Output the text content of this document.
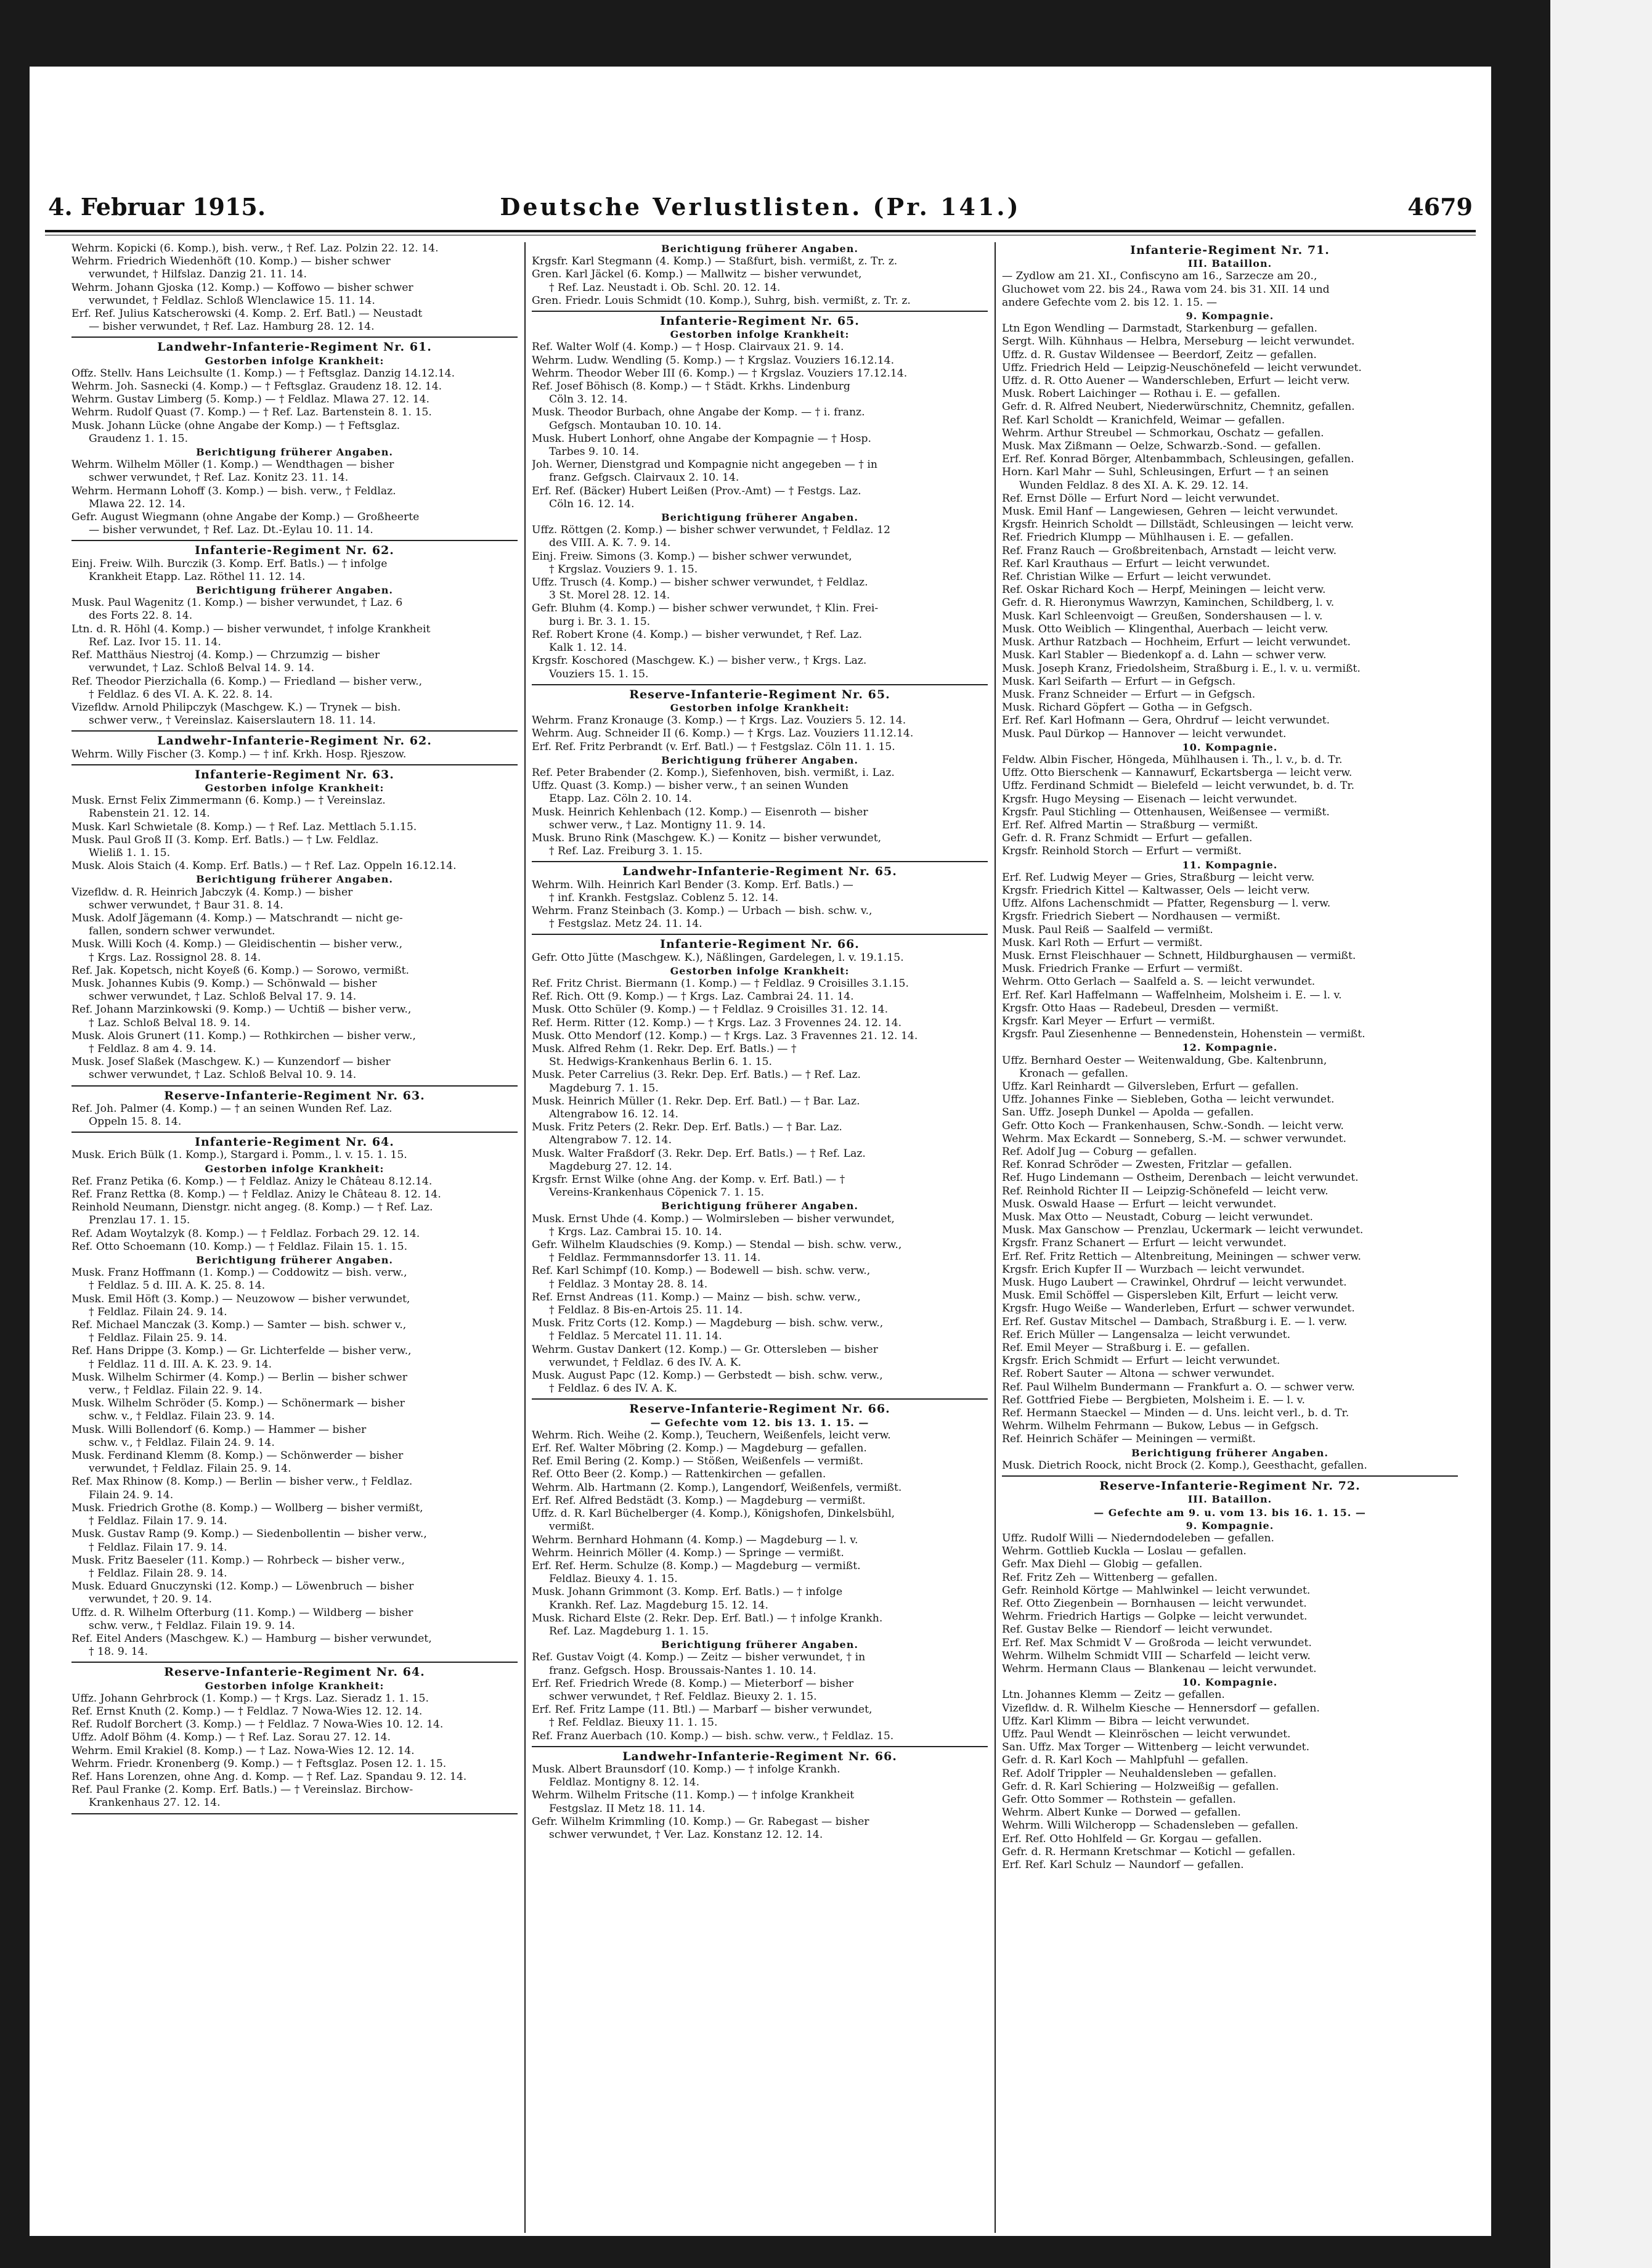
4. Februar 1915.	Deutsche Verlustlisten. (Pr. 141.)	4679
Wehrm. Kopicki (6. Komp.), bish. verw., † Ref. Laz. Polzin 22. 12. 14.
Wehrm. Friedrich Wiedenhöft (10. Komp.) — bisher schwer
verwundet, † Hilfslaz. Danzig 21. 11. 14.
Wehrm. Johann Gjoska (12. Komp.) — Koffowo — bisher schwer
verwundet, † Feldlaz. Schloß Wlenclawice 15. 11. 14.
Erf. Ref. Julius Katscherowski (4. Komp. 2. Erf. Batl.) — Neustadt
— bisher verwundet, † Ref. Laz. Hamburg 28. 12. 14.
Landwehr-Infanterie-Regiment Nr. 61.
Gestorben infolge Krankheit:
Offz. Stellv. Hans Leichsulte (1. Komp.) — † Feftsglaz. Danzig 14.12.14.
Wehrm. Joh. Sasnecki (4. Komp.) — † Feftsglaz. Graudenz 18. 12. 14.
Wehrm. Gustav Limberg (5. Komp.) — † Feldlaz. Mlawa 27. 12. 14.
Wehrm. Rudolf Quast (7. Komp.) — † Ref. Laz. Bartenstein 8. 1. 15.
Musk. Johann Lücke (ohne Angabe der Komp.) — † Feftsglaz.
Graudenz 1. 1. 15.
Berichtigung früherer Angaben.
Wehrm. Wilhelm Möller (1. Komp.) — Wendthagen — bisher
schwer verwundet, † Ref. Laz. Konitz 23. 11. 14.
Wehrm. Hermann Lohoff (3. Komp.) — bish. verw., † Feldlaz.
Mlawa 22. 12. 14.
Gefr. August Wiegmann (ohne Angabe der Komp.) — Großheerte
— bisher verwundet, † Ref. Laz. Dt.-Eylau 10. 11. 14.
Infanterie-Regiment Nr. 62.
Einj. Freiw. Wilh. Burczik (3. Komp. Erf. Batls.) — † infolge
Krankheit Etapp. Laz. Röthel 11. 12. 14.
Berichtigung früherer Angaben.
Musk. Paul Wagenitz (1. Komp.) — bisher verwundet, † Laz. 6
des Forts 22. 8. 14.
Ltn. d. R. Höhl (4. Komp.) — bisher verwundet, † infolge Krankheit
Ref. Laz. Ivor 15. 11. 14.
Ref. Matthäus Niestroj (4. Komp.) — Chrzumzig — bisher
verwundet, † Laz. Schloß Belval 14. 9. 14.
Ref. Theodor Pierzichalla (6. Komp.) — Friedland — bisher verw.,
† Feldlaz. 6 des VI. A. K. 22. 8. 14.
Vizefldw. Arnold Philipczyk (Maschgew. K.) — Trynek — bish.
schwer verw., † Vereinslaz. Kaiserslautern 18. 11. 14.
Landwehr-Infanterie-Regiment Nr. 62.
Wehrm. Willy Fischer (3. Komp.) — † inf. Krkh. Hosp. Rjeszow.
Infanterie-Regiment Nr. 63.
Gestorben infolge Krankheit:
Musk. Ernst Felix Zimmermann (6. Komp.) — † Vereinslaz.
Rabenstein 21. 12. 14.
Musk. Karl Schwietale (8. Komp.) — † Ref. Laz. Mettlach 5.1.15.
Musk. Paul Groß II (3. Komp. Erf. Batls.) — † Lw. Feldlaz.
Wieliß 1. 1. 15.
Musk. Alois Staich (4. Komp. Erf. Batls.) — † Ref. Laz. Oppeln 16.12.14.
Berichtigung früherer Angaben.
Vizefldw. d. R. Heinrich Jabczyk (4. Komp.) — bisher
schwer verwundet, † Baur 31. 8. 14.
Musk. Adolf Jägemann (4. Komp.) — Matschrandt — nicht ge-
fallen, sondern schwer verwundet.
Musk. Willi Koch (4. Komp.) — Gleidischentin — bisher verw.,
† Krgs. Laz. Rossignol 28. 8. 14.
Ref. Jak. Kopetsch, nicht Koyeß (6. Komp.) — Sorowo, vermißt.
Musk. Johannes Kubis (9. Komp.) — Schönwald — bisher
schwer verwundet, † Laz. Schloß Belval 17. 9. 14.
Ref. Johann Marzinkowski (9. Komp.) — Uchtiß — bisher verw.,
† Laz. Schloß Belval 18. 9. 14.
Musk. Alois Grunert (11. Komp.) — Rothkirchen — bisher verw.,
† Feldlaz. 8 am 4. 9. 14.
Musk. Josef Slaßek (Maschgew. K.) — Kunzendorf — bisher
schwer verwundet, † Laz. Schloß Belval 10. 9. 14.
Reserve-Infanterie-Regiment Nr. 63.
Ref. Joh. Palmer (4. Komp.) — † an seinen Wunden Ref. Laz.
Oppeln 15. 8. 14.
Infanterie-Regiment Nr. 64.
Musk. Erich Bülk (1. Komp.), Stargard i. Pomm., l. v. 15. 1. 15.
Gestorben infolge Krankheit:
Ref. Franz Petika (6. Komp.) — † Feldlaz. Anizy le Château 8.12.14.
Ref. Franz Rettka (8. Komp.) — † Feldlaz. Anizy le Château 8. 12. 14.
Reinhold Neumann, Dienstgr. nicht angeg. (8. Komp.) — † Ref. Laz.
Prenzlau 17. 1. 15.
Ref. Adam Woytalzyk (8. Komp.) — † Feldlaz. Forbach 29. 12. 14.
Ref. Otto Schoemann (10. Komp.) — † Feldlaz. Filain 15. 1. 15.
Berichtigung früherer Angaben.
Musk. Franz Hoffmann (1. Komp.) — Coddowitz — bish. verw.,
† Feldlaz. 5 d. III. A. K. 25. 8. 14.
Musk. Emil Höft (3. Komp.) — Neuzowow — bisher verwundet,
† Feldlaz. Filain 24. 9. 14.
Ref. Michael Manczak (3. Komp.) — Samter — bish. schwer v.,
† Feldlaz. Filain 25. 9. 14.
Ref. Hans Drippe (3. Komp.) — Gr. Lichterfelde — bisher verw.,
† Feldlaz. 11 d. III. A. K. 23. 9. 14.
Musk. Wilhelm Schirmer (4. Komp.) — Berlin — bisher schwer
verw., † Feldlaz. Filain 22. 9. 14.
Musk. Wilhelm Schröder (5. Komp.) — Schönermark — bisher
schw. v., † Feldlaz. Filain 23. 9. 14.
Musk. Willi Bollendorf (6. Komp.) — Hammer — bisher
schw. v., † Feldlaz. Filain 24. 9. 14.
Musk. Ferdinand Klemm (8. Komp.) — Schönwerder — bisher
verwundet, † Feldlaz. Filain 25. 9. 14.
Ref. Max Rhinow (8. Komp.) — Berlin — bisher verw., † Feldlaz.
Filain 24. 9. 14.
Musk. Friedrich Grothe (8. Komp.) — Wollberg — bisher vermißt,
† Feldlaz. Filain 17. 9. 14.
Musk. Gustav Ramp (9. Komp.) — Siedenbollentin — bisher verw.,
† Feldlaz. Filain 17. 9. 14.
Musk. Fritz Baeseler (11. Komp.) — Rohrbeck — bisher verw.,
† Feldlaz. Filain 28. 9. 14.
Musk. Eduard Gnuczynski (12. Komp.) — Löwenbruch — bisher
verwundet, † 20. 9. 14.
Uffz. d. R. Wilhelm Ofterburg (11. Komp.) — Wildberg — bisher
schw. verw., † Feldlaz. Filain 19. 9. 14.
Ref. Eitel Anders (Maschgew. K.) — Hamburg — bisher verwundet,
† 18. 9. 14.
Reserve-Infanterie-Regiment Nr. 64.
Gestorben infolge Krankheit:
Uffz. Johann Gehrbrock (1. Komp.) — † Krgs. Laz. Sieradz 1. 1. 15.
Ref. Ernst Knuth (2. Komp.) — † Feldlaz. 7 Nowa-Wies 12. 12. 14.
Ref. Rudolf Borchert (3. Komp.) — † Feldlaz. 7 Nowa-Wies 10. 12. 14.
Uffz. Adolf Böhm (4. Komp.) — † Ref. Laz. Sorau 27. 12. 14.
Wehrm. Emil Krakiel (8. Komp.) — † Laz. Nowa-Wies 12. 12. 14.
Wehrm. Friedr. Kronenberg (9. Komp.) — † Feftsglaz. Posen 12. 1. 15.
Ref. Hans Lorenzen, ohne Ang. d. Komp. — † Ref. Laz. Spandau 9. 12. 14.
Ref. Paul Franke (2. Komp. Erf. Batls.) — † Vereinslaz. Birchow-
Krankenhaus 27. 12. 14.
Berichtigung früherer Angaben.
Krgsfr. Karl Stegmann (4. Komp.) — Staßfurt, bish. vermißt, z. Tr. z.
Gren. Karl Jäckel (6. Komp.) — Mallwitz — bisher verwundet,
† Ref. Laz. Neustadt i. Ob. Schl. 20. 12. 14.
Gren. Friedr. Louis Schmidt (10. Komp.), Suhrg, bish. vermißt, z. Tr. z.
Infanterie-Regiment Nr. 65.
Gestorben infolge Krankheit:
Ref. Walter Wolf (4. Komp.) — † Hosp. Clairvaux 21. 9. 14.
Wehrm. Ludw. Wendling (5. Komp.) — † Krgslaz. Vouziers 16.12.14.
Wehrm. Theodor Weber III (6. Komp.) — † Krgslaz. Vouziers 17.12.14.
Ref. Josef Böhisch (8. Komp.) — † Städt. Krkhs. Lindenburg
Cöln 3. 12. 14.
Musk. Theodor Burbach, ohne Angabe der Komp. — † i. franz.
Gefgsch. Montauban 10. 10. 14.
Musk. Hubert Lonhorf, ohne Angabe der Kompagnie — † Hosp.
Tarbes 9. 10. 14.
Joh. Werner, Dienstgrad und Kompagnie nicht angegeben — † in
franz. Gefgsch. Clairvaux 2. 10. 14.
Erf. Ref. (Bäcker) Hubert Leißen (Prov.-Amt) — † Festgs. Laz.
Cöln 16. 12. 14.
Berichtigung früherer Angaben.
Uffz. Röttgen (2. Komp.) — bisher schwer verwundet, † Feldlaz. 12
des VIII. A. K. 7. 9. 14.
Einj. Freiw. Simons (3. Komp.) — bisher schwer verwundet,
† Krgslaz. Vouziers 9. 1. 15.
Uffz. Trusch (4. Komp.) — bisher schwer verwundet, † Feldlaz.
3 St. Morel 28. 12. 14.
Gefr. Bluhm (4. Komp.) — bisher schwer verwundet, † Klin. Frei-
burg i. Br. 3. 1. 15.
Ref. Robert Krone (4. Komp.) — bisher verwundet, † Ref. Laz.
Kalk 1. 12. 14.
Krgsfr. Koschored (Maschgew. K.) — bisher verw., † Krgs. Laz.
Vouziers 15. 1. 15.
Reserve-Infanterie-Regiment Nr. 65.
Gestorben infolge Krankheit:
Wehrm. Franz Kronauge (3. Komp.) — † Krgs. Laz. Vouziers 5. 12. 14.
Wehrm. Aug. Schneider II (6. Komp.) — † Krgs. Laz. Vouziers 11.12.14.
Erf. Ref. Fritz Perbrandt (v. Erf. Batl.) — † Festgslaz. Cöln 11. 1. 15.
Berichtigung früherer Angaben.
Ref. Peter Brabender (2. Komp.), Siefenhoven, bish. vermißt, i. Laz.
Uffz. Quast (3. Komp.) — bisher verw., † an seinen Wunden
Etapp. Laz. Cöln 2. 10. 14.
Musk. Heinrich Kehlenbach (12. Komp.) — Eisenroth — bisher
schwer verw., † Laz. Montigny 11. 9. 14.
Musk. Bruno Rink (Maschgew. K.) — Konitz — bisher verwundet,
† Ref. Laz. Freiburg 3. 1. 15.
Landwehr-Infanterie-Regiment Nr. 65.
Wehrm. Wilh. Heinrich Karl Bender (3. Komp. Erf. Batls.) —
† inf. Krankh. Festgslaz. Coblenz 5. 12. 14.
Wehrm. Franz Steinbach (3. Komp.) — Urbach — bish. schw. v.,
† Festgslaz. Metz 24. 11. 14.
Infanterie-Regiment Nr. 66.
Gefr. Otto Jütte (Maschgew. K.), Näßlingen, Gardelegen, l. v. 19.1.15.
Gestorben infolge Krankheit:
Ref. Fritz Christ. Biermann (1. Komp.) — † Feldlaz. 9 Croisilles 3.1.15.
Ref. Rich. Ott (9. Komp.) — † Krgs. Laz. Cambrai 24. 11. 14.
Musk. Otto Schüler (9. Komp.) — † Feldlaz. 9 Croisilles 31. 12. 14.
Ref. Herm. Ritter (12. Komp.) — † Krgs. Laz. 3 Frovennes 24. 12. 14.
Musk. Otto Mendorf (12. Komp.) — † Krgs. Laz. 3 Fravennes 21. 12. 14.
Musk. Alfred Rehm (1. Rekr. Dep. Erf. Batls.) — †
St. Hedwigs-Krankenhaus Berlin 6. 1. 15.
Musk. Peter Carrelius (3. Rekr. Dep. Erf. Batls.) — † Ref. Laz.
Magdeburg 7. 1. 15.
Musk. Heinrich Müller (1. Rekr. Dep. Erf. Batl.) — † Bar. Laz.
Altengrabow 16. 12. 14.
Musk. Fritz Peters (2. Rekr. Dep. Erf. Batls.) — † Bar. Laz.
Altengrabow 7. 12. 14.
Musk. Walter Fraßdorf (3. Rekr. Dep. Erf. Batls.) — † Ref. Laz.
Magdeburg 27. 12. 14.
Krgsfr. Ernst Wilke (ohne Ang. der Komp. v. Erf. Batl.) — †
Vereins-Krankenhaus Cöpenick 7. 1. 15.
Berichtigung früherer Angaben.
Musk. Ernst Uhde (4. Komp.) — Wolmirsleben — bisher verwundet,
† Krgs. Laz. Cambrai 15. 10. 14.
Gefr. Wilhelm Klaudschies (9. Komp.) — Stendal — bish. schw. verw.,
† Feldlaz. Fermmannsdorfer 13. 11. 14.
Ref. Karl Schimpf (10. Komp.) — Bodewell — bish. schw. verw.,
† Feldlaz. 3 Montay 28. 8. 14.
Ref. Ernst Andreas (11. Komp.) — Mainz — bish. schw. verw.,
† Feldlaz. 8 Bis-en-Artois 25. 11. 14.
Musk. Fritz Corts (12. Komp.) — Magdeburg — bish. schw. verw.,
† Feldlaz. 5 Mercatel 11. 11. 14.
Wehrm. Gustav Dankert (12. Komp.) — Gr. Ottersleben — bisher
verwundet, † Feldlaz. 6 des IV. A. K.
Musk. August Papc (12. Komp.) — Gerbstedt — bish. schw. verw.,
† Feldlaz. 6 des IV. A. K.
Reserve-Infanterie-Regiment Nr. 66.
— Gefechte vom 12. bis 13. 1. 15. —
Wehrm. Rich. Weihe (2. Komp.), Teuchern, Weißenfels, leicht verw.
Erf. Ref. Walter Möbring (2. Komp.) — Magdeburg — gefallen.
Ref. Emil Bering (2. Komp.) — Stößen, Weißenfels — vermißt.
Ref. Otto Beer (2. Komp.) — Rattenkirchen — gefallen.
Wehrm. Alb. Hartmann (2. Komp.), Langendorf, Weißenfels, vermißt.
Erf. Ref. Alfred Bedstädt (3. Komp.) — Magdeburg — vermißt.
Uffz. d. R. Karl Büchelberger (4. Komp.), Königshofen, Dinkelsbühl,
vermißt.
Wehrm. Bernhard Hohmann (4. Komp.) — Magdeburg — l. v.
Wehrm. Heinrich Möller (4. Komp.) — Springe — vermißt.
Erf. Ref. Herm. Schulze (8. Komp.) — Magdeburg — vermißt.
Feldlaz. Bieuxy 4. 1. 15.
Musk. Johann Grimmont (3. Komp. Erf. Batls.) — † infolge
Krankh. Ref. Laz. Magdeburg 15. 12. 14.
Musk. Richard Elste (2. Rekr. Dep. Erf. Batl.) — † infolge Krankh.
Ref. Laz. Magdeburg 1. 1. 15.
Berichtigung früherer Angaben.
Ref. Gustav Voigt (4. Komp.) — Zeitz — bisher verwundet, † in
franz. Gefgsch. Hosp. Broussais-Nantes 1. 10. 14.
Erf. Ref. Friedrich Wrede (8. Komp.) — Mieterborf — bisher
schwer verwundet, † Ref. Feldlaz. Bieuxy 2. 1. 15.
Erf. Ref. Fritz Lampe (11. Btl.) — Marbarf — bisher verwundet,
† Ref. Feldlaz. Bieuxy 11. 1. 15.
Ref. Franz Auerbach (10. Komp.) — bish. schw. verw., † Feldlaz. 15.
Landwehr-Infanterie-Regiment Nr. 66.
Musk. Albert Braunsdorf (10. Komp.) — † infolge Krankh.
Feldlaz. Montigny 8. 12. 14.
Wehrm. Wilhelm Fritsche (11. Komp.) — † infolge Krankheit
Festgslaz. II Metz 18. 11. 14.
Gefr. Wilhelm Krimmling (10. Komp.) — Gr. Rabegast — bisher
schwer verwundet, † Ver. Laz. Konstanz 12. 12. 14.
Infanterie-Regiment Nr. 71.
III. Bataillon.
— Zydlow am 21. XI., Confiscyno am 16., Sarzecze am 20.,
Gluchowet vom 22. bis 24., Rawa vom 24. bis 31. XII. 14 und
andere Gefechte vom 2. bis 12. 1. 15. —
9. Kompagnie.
Ltn Egon Wendling — Darmstadt, Starkenburg — gefallen.
Sergt. Wilh. Kühnhaus — Helbra, Merseburg — leicht verwundet.
Uffz. d. R. Gustav Wildensee — Beerdorf, Zeitz — gefallen.
Uffz. Friedrich Held — Leipzig-Neuschönefeld — leicht verwundet.
Uffz. d. R. Otto Auener — Wanderschleben, Erfurt — leicht verw.
Musk. Robert Laichinger — Rothau i. E. — gefallen.
Gefr. d. R. Alfred Neubert, Niederwürschnitz, Chemnitz, gefallen.
Ref. Karl Scholdt — Kranichfeld, Weimar — gefallen.
Wehrm. Arthur Streubel — Schmorkau, Oschatz — gefallen.
Musk. Max Zißmann — Oelze, Schwarzb.-Sond. — gefallen.
Erf. Ref. Konrad Börger, Altenbammbach, Schleusingen, gefallen.
Horn. Karl Mahr — Suhl, Schleusingen, Erfurt — † an seinen
Wunden Feldlaz. 8 des XI. A. K. 29. 12. 14.
Ref. Ernst Dölle — Erfurt Nord — leicht verwundet.
Musk. Emil Hanf — Langewiesen, Gehren — leicht verwundet.
Krgsfr. Heinrich Scholdt — Dillstädt, Schleusingen — leicht verw.
Ref. Friedrich Klumpp — Mühlhausen i. E. — gefallen.
Ref. Franz Rauch — Großbreitenbach, Arnstadt — leicht verw.
Ref. Karl Krauthaus — Erfurt — leicht verwundet.
Ref. Christian Wilke — Erfurt — leicht verwundet.
Ref. Oskar Richard Koch — Herpf, Meiningen — leicht verw.
Gefr. d. R. Hieronymus Wawrzyn, Kaminchen, Schildberg, l. v.
Musk. Karl Schleenvoigt — Greußen, Sondershausen — l. v.
Musk. Otto Weiblich — Klingenthal, Auerbach — leicht verw.
Musk. Arthur Ratzbach — Hochheim, Erfurt — leicht verwundet.
Musk. Karl Stabler — Biedenkopf a. d. Lahn — schwer verw.
Musk. Joseph Kranz, Friedolsheim, Straßburg i. E., l. v. u. vermißt.
Musk. Karl Seifarth — Erfurt — in Gefgsch.
Musk. Franz Schneider — Erfurt — in Gefgsch.
Musk. Richard Göpfert — Gotha — in Gefgsch.
Erf. Ref. Karl Hofmann — Gera, Ohrdruf — leicht verwundet.
Musk. Paul Dürkop — Hannover — leicht verwundet.
10. Kompagnie.
Feldw. Albin Fischer, Höngeda, Mühlhausen i. Th., l. v., b. d. Tr.
Uffz. Otto Bierschenk — Kannawurf, Eckartsberga — leicht verw.
Uffz. Ferdinand Schmidt — Bielefeld — leicht verwundet, b. d. Tr.
Krgsfr. Hugo Meysing — Eisenach — leicht verwundet.
Krgsfr. Paul Stichling — Ottenhausen, Weißensee — vermißt.
Erf. Ref. Alfred Martin — Straßburg — vermißt.
Gefr. d. R. Franz Schmidt — Erfurt — gefallen.
Krgsfr. Reinhold Storch — Erfurt — vermißt.
11. Kompagnie.
Erf. Ref. Ludwig Meyer — Gries, Straßburg — leicht verw.
Krgsfr. Friedrich Kittel — Kaltwasser, Oels — leicht verw.
Uffz. Alfons Lachenschmidt — Pfatter, Regensburg — l. verw.
Krgsfr. Friedrich Siebert — Nordhausen — vermißt.
Musk. Paul Reiß — Saalfeld — vermißt.
Musk. Karl Roth — Erfurt — vermißt.
Musk. Ernst Fleischhauer — Schnett, Hildburghausen — vermißt.
Musk. Friedrich Franke — Erfurt — vermißt.
Wehrm. Otto Gerlach — Saalfeld a. S. — leicht verwundet.
Erf. Ref. Karl Haffelmann — Waffelnheim, Molsheim i. E. — l. v.
Krgsfr. Otto Haas — Radebeul, Dresden — vermißt.
Krgsfr. Karl Meyer — Erfurt — vermißt.
Krgsfr. Paul Ziesenhenne — Bennedenstein, Hohenstein — vermißt.
12. Kompagnie.
Uffz. Bernhard Oester — Weitenwaldung, Gbe. Kaltenbrunn,
Kronach — gefallen.
Uffz. Karl Reinhardt — Gilversleben, Erfurt — gefallen.
Uffz. Johannes Finke — Siebleben, Gotha — leicht verwundet.
San. Uffz. Joseph Dunkel — Apolda — gefallen.
Gefr. Otto Koch — Frankenhausen, Schw.-Sondh. — leicht verw.
Wehrm. Max Eckardt — Sonneberg, S.-M. — schwer verwundet.
Ref. Adolf Jug — Coburg — gefallen.
Ref. Konrad Schröder — Zwesten, Fritzlar — gefallen.
Ref. Hugo Lindemann — Ostheim, Derenbach — leicht verwundet.
Ref. Reinhold Richter II — Leipzig-Schönefeld — leicht verw.
Musk. Oswald Haase — Erfurt — leicht verwundet.
Musk. Max Otto — Neustadt, Coburg — leicht verwundet.
Musk. Max Ganschow — Prenzlau, Uckermark — leicht verwundet.
Krgsfr. Franz Schanert — Erfurt — leicht verwundet.
Erf. Ref. Fritz Rettich — Altenbreitung, Meiningen — schwer verw.
Krgsfr. Erich Kupfer II — Wurzbach — leicht verwundet.
Musk. Hugo Laubert — Crawinkel, Ohrdruf — leicht verwundet.
Musk. Emil Schöffel — Gispersleben Kilt, Erfurt — leicht verw.
Krgsfr. Hugo Weiße — Wanderleben, Erfurt — schwer verwundet.
Erf. Ref. Gustav Mitschel — Dambach, Straßburg i. E. — l. verw.
Ref. Erich Müller — Langensalza — leicht verwundet.
Ref. Emil Meyer — Straßburg i. E. — gefallen.
Krgsfr. Erich Schmidt — Erfurt — leicht verwundet.
Ref. Robert Sauter — Altona — schwer verwundet.
Ref. Paul Wilhelm Bundermann — Frankfurt a. O. — schwer verw.
Ref. Gottfried Fiebe — Bergbieten, Molsheim i. E. — l. v.
Ref. Hermann Staeckel — Minden — d. Uns. leicht verl., b. d. Tr.
Wehrm. Wilhelm Fehrmann — Bukow, Lebus — in Gefgsch.
Ref. Heinrich Schäfer — Meiningen — vermißt.
Berichtigung früherer Angaben.
Musk. Dietrich Roock, nicht Brock (2. Komp.), Geesthacht, gefallen.
Reserve-Infanterie-Regiment Nr. 72.
III. Bataillon.
— Gefechte am 9. u. vom 13. bis 16. 1. 15. —
9. Kompagnie.
Uffz. Rudolf Willi — Niederndodeleben — gefallen.
Wehrm. Gottlieb Kuckla — Loslau — gefallen.
Gefr. Max Diehl — Globig — gefallen.
Ref. Fritz Zeh — Wittenberg — gefallen.
Gefr. Reinhold Körtge — Mahlwinkel — leicht verwundet.
Ref. Otto Ziegenbein — Bornhausen — leicht verwundet.
Wehrm. Friedrich Hartigs — Golpke — leicht verwundet.
Ref. Gustav Belke — Riendorf — leicht verwundet.
Erf. Ref. Max Schmidt V — Großroda — leicht verwundet.
Wehrm. Wilhelm Schmidt VIII — Scharfeld — leicht verw.
Wehrm. Hermann Claus — Blankenau — leicht verwundet.
10. Kompagnie.
Ltn. Johannes Klemm — Zeitz — gefallen.
Vizefldw. d. R. Wilhelm Kiesche — Hennersdorf — gefallen.
Uffz. Karl Klimm — Bibra — leicht verwundet.
Uffz. Paul Wendt — Kleinröschen — leicht verwundet.
San. Uffz. Max Torger — Wittenberg — leicht verwundet.
Gefr. d. R. Karl Koch — Mahlpfuhl — gefallen.
Ref. Adolf Trippler — Neuhaldensleben — gefallen.
Gefr. d. R. Karl Schiering — Holzweißig — gefallen.
Gefr. Otto Sommer — Rothstein — gefallen.
Wehrm. Albert Kunke — Dorwed — gefallen.
Wehrm. Willi Wilcheropp — Schadensleben — gefallen.
Erf. Ref. Otto Hohlfeld — Gr. Korgau — gefallen.
Gefr. d. R. Hermann Kretschmar — Kotichl — gefallen.
Erf. Ref. Karl Schulz — Naundorf — gefallen.
